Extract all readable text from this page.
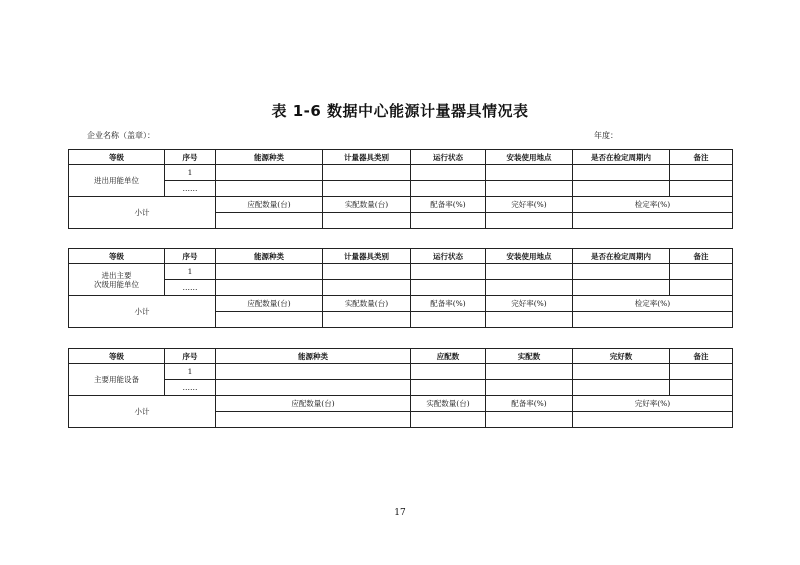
表 1-6 数据中心能源计量器具情况表
企业名称（盖章）：	年度：
等级	序号	能源种类	计量器具类别	运行状态	安装使用地点	是否在检定周期内	备注
进出用能单位	1						
	……						
小计		应配数量(台)	实配数量(台)	配备率(%)	完好率(%)	检定率(%)	

等级	序号	能源种类	计量器具类别	运行状态	安装使用地点	是否在检定周期内	备注

进出主要
次级用能单位	1						
	……						
小计		应配数量(台)	实配数量(台)	配备率(%)	完好率(%)	检定率(%)	

等级	序号	能源种类	应配数	实配数	完好数	备注
主要用能设备	1					
	……					
小计		应配数量(台)	实配数量(台)	配备率(%)	完好率(%)	

17
